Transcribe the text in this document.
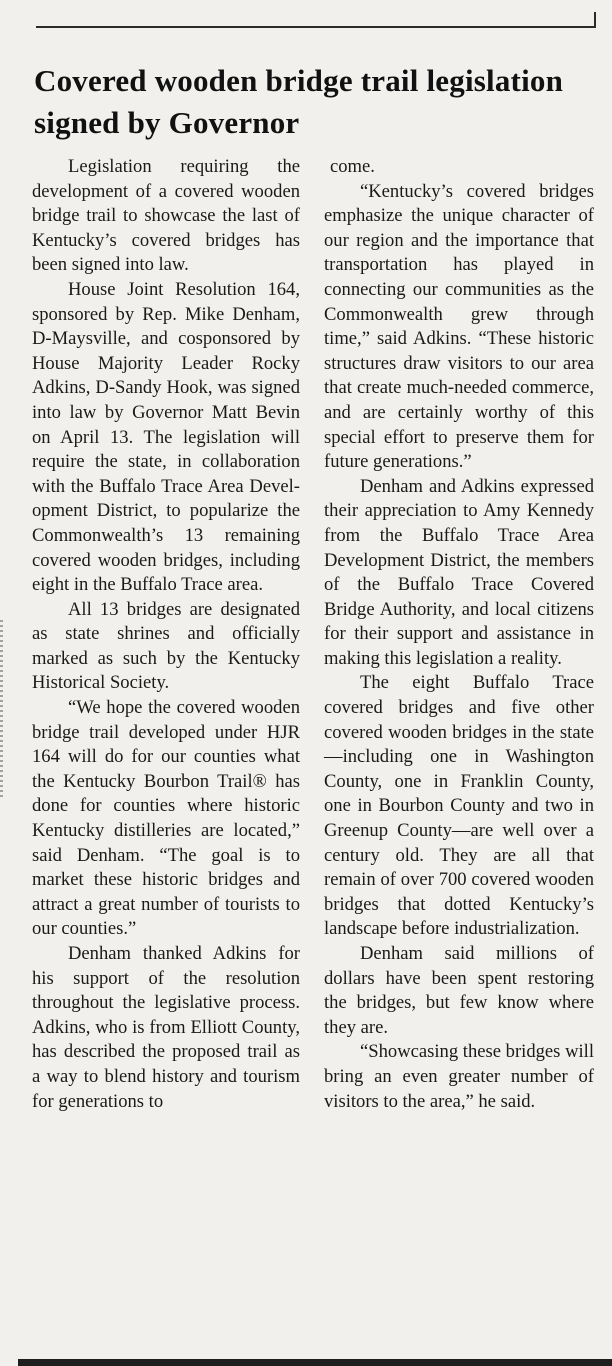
Covered wooden bridge trail legislation signed by Governor

Legislation requiring the development of a covered wooden bridge trail to showcase the last of Kentucky’s covered bridges has been signed into law.

House Joint Resolution 164, sponsored by Rep. Mike Denham, D-Maysville, and cosponsored by House Majority Leader Rocky Adkins, D-Sandy Hook, was signed into law by Governor Matt Bevin on April 13. The legislation will require the state, in collaboration with the Buffalo Trace Area Development District, to popularize the Commonwealth’s 13 remaining covered wooden bridges, including eight in the Buffalo Trace area.

All 13 bridges are designated as state shrines and officially marked as such by the Kentucky Historical Society.

“We hope the covered wooden bridge trail developed under HJR 164 will do for our counties what the Kentucky Bourbon Trail® has done for counties where historic Kentucky distilleries are located,” said Denham. “The goal is to market these historic bridges and attract a great number of tourists to our counties.”

Denham thanked Adkins for his support of the resolution throughout the legislative process. Adkins, who is from Elliott County, has described the proposed trail as a way to blend history and tourism for generations to

come.

“Kentucky’s covered bridges emphasize the unique character of our region and the importance that transportation has played in connecting our communities as the Commonwealth grew through time,” said Adkins. “These historic structures draw visitors to our area that create much-needed commerce, and are certainly worthy of this special effort to preserve them for future generations.”

Denham and Adkins expressed their appreciation to Amy Kennedy from the Buffalo Trace Area Development District, the members of the Buffalo Trace Covered Bridge Authority, and local citizens for their support and assistance in making this legislation a reality.

The eight Buffalo Trace covered bridges and five other covered wooden bridges in the state—including one in Washington County, one in Franklin County, one in Bourbon County and two in Greenup County—are well over a century old. They are all that remain of over 700 covered wooden bridges that dotted Kentucky’s landscape before industrialization.

Denham said millions of dollars have been spent restoring the bridges, but few know where they are.

“Showcasing these bridges will bring an even greater number of visitors to the area,” he said.
